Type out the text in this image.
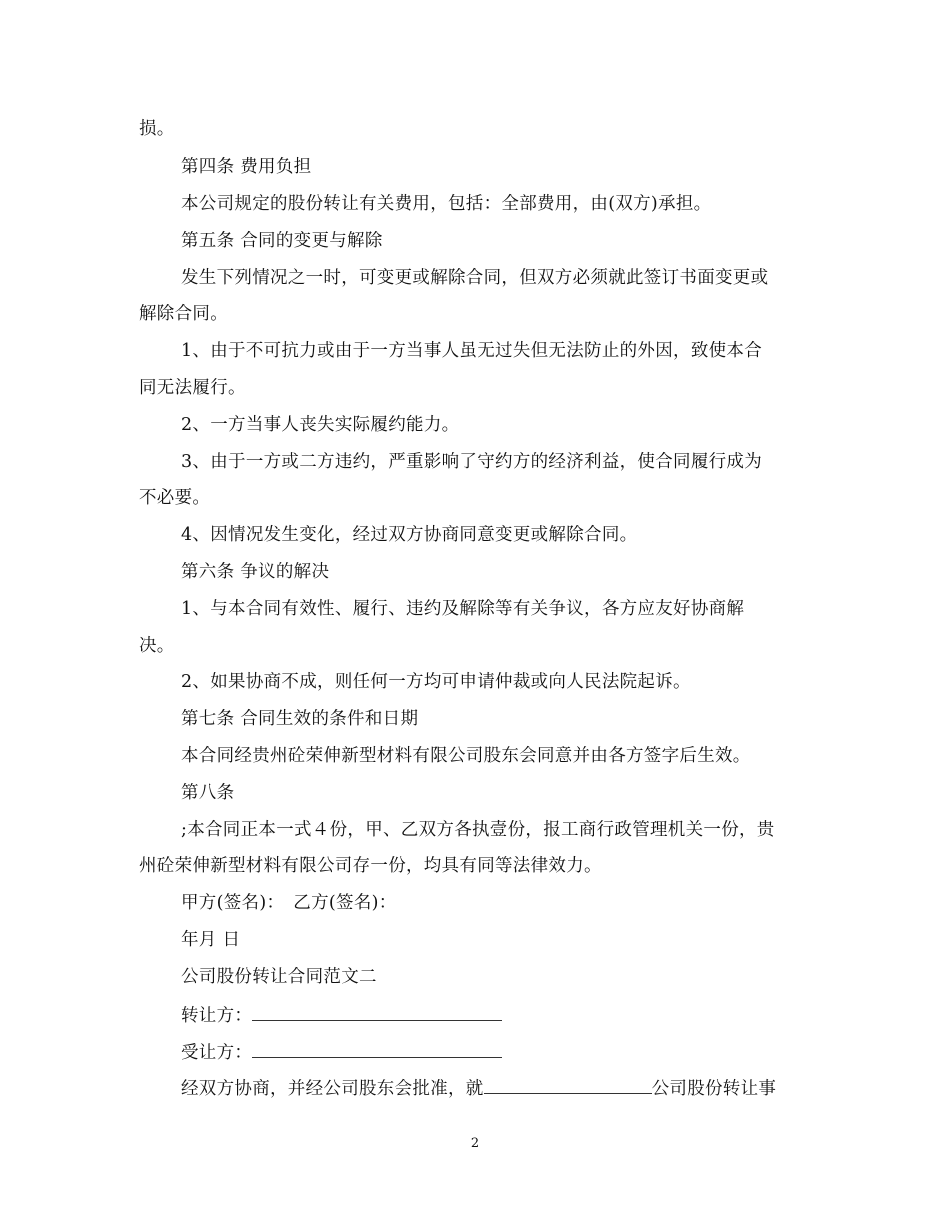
损。
第四条 费用负担
本公司规定的股份转让有关费用，包括：全部费用，由(双方)承担。
第五条 合同的变更与解除
发生下列情况之一时，可变更或解除合同，但双方必须就此签订书面变更或
解除合同。
1、由于不可抗力或由于一方当事人虽无过失但无法防止的外因，致使本合
同无法履行。
2、一方当事人丧失实际履约能力。
3、由于一方或二方违约，严重影响了守约方的经济利益，使合同履行成为
不必要。
4、因情况发生变化，经过双方协商同意变更或解除合同。
第六条 争议的解决
1、与本合同有效性、履行、违约及解除等有关争议，各方应友好协商解
决。
2、如果协商不成，则任何一方均可申请仲裁或向人民法院起诉。
第七条 合同生效的条件和日期
本合同经贵州砼荣伸新型材料有限公司股东会同意并由各方签字后生效。
第八条
;本合同正本一式４份，甲、乙双方各执壹份，报工商行政管理机关一份，贵
州砼荣伸新型材料有限公司存一份，均具有同等法律效力。
甲方(签名)：　乙方(签名)：
年月 日
公司股份转让合同范文二
转让方：
受让方：
经双方协商，并经公司股东会批准，就	公司股份转让事
2
